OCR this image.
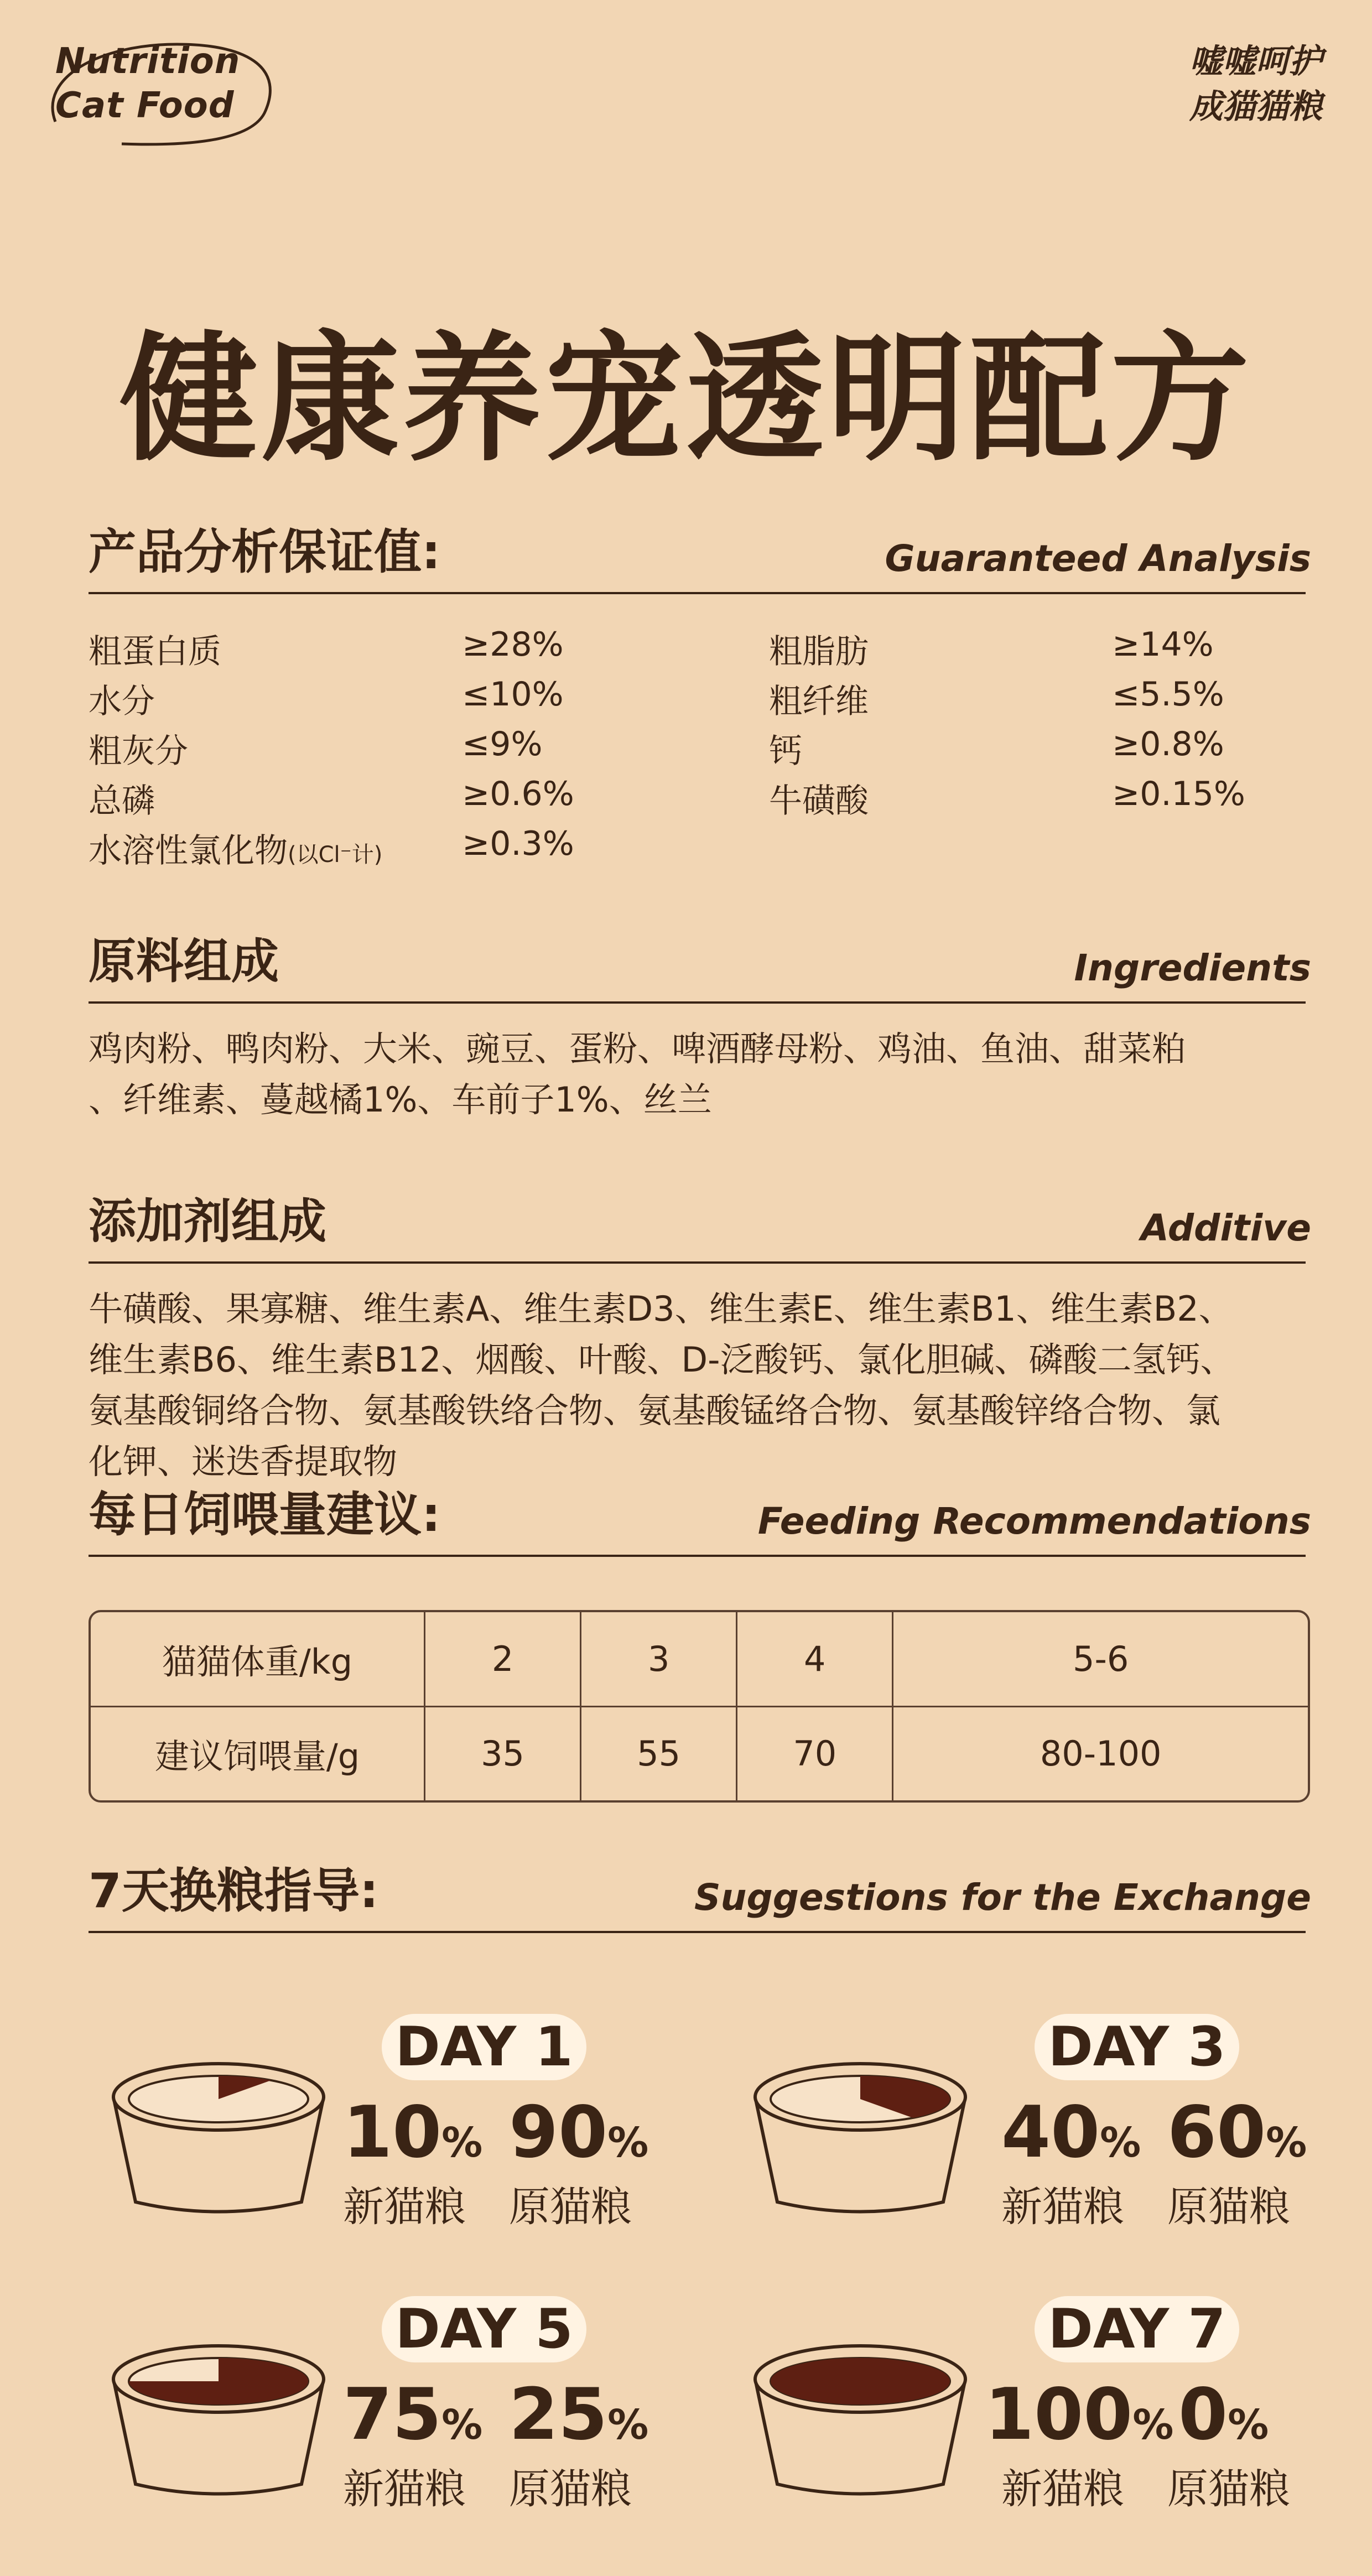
Nutrition
Cat Food
嘘嘘呵护
成猫猫粮
健康养宠透明配方
产品分析保证值:	Guaranteed Analysis
粗蛋白质	≥28%	粗脂肪	≥14%
水分	≤10%	粗纤维	≤5.5%
粗灰分	≤9%	钙	≥0.8%
总磷	≥0.6%	牛磺酸	≥0.15%
水溶性氯化物(以Cl⁻计) ≥0.3%
原料组成	Ingredients
鸡肉粉、鸭肉粉、大米、豌豆、蛋粉、啤酒酵母粉、鸡油、鱼油、甜菜粕
、纤维素、蔓越橘1%、车前子1%、丝兰
添加剂组成	Additive
牛磺酸、果寡糖、维生素A、维生素D3、维生素E、维生素B1、维生素B2、
维生素B6、维生素B12、烟酸、叶酸、D-泛酸钙、氯化胆碱、磷酸二氢钙、
氨基酸铜络合物、氨基酸铁络合物、氨基酸锰络合物、氨基酸锌络合物、氯
化钾、迷迭香提取物
每日饲喂量建议:	Feeding Recommendations
猫猫体重/kg	2	3	4	5-6
建议饲喂量/g	35	55	70	80-100
7天换粮指导:	Suggestions for the Exchange
DAY 1
10% 90%
新猫粮 原猫粮
DAY 3
40% 60%
新猫粮 原猫粮
DAY 5
75% 25%
新猫粮 原猫粮
DAY 7
100% 0%
新猫粮 原猫粮
